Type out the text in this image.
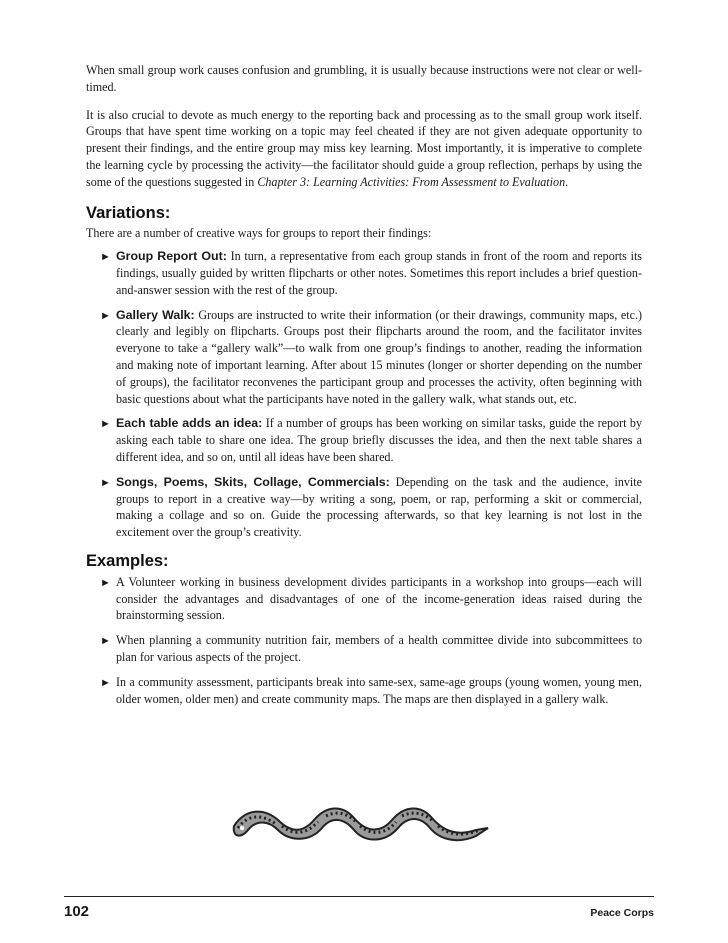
When small group work causes confusion and grumbling, it is usually because instructions were not clear or well-timed.

It is also crucial to devote as much energy to the reporting back and processing as to the small group work itself. Groups that have spent time working on a topic may feel cheated if they are not given adequate opportunity to present their findings, and the entire group may miss key learning. Most importantly, it is imperative to complete the learning cycle by processing the activity—the facilitator should guide a group reflection, perhaps by using the some of the questions suggested in Chapter 3: Learning Activities: From Assessment to Evaluation.

Variations:

There are a number of creative ways for groups to report their findings:

► Group Report Out: In turn, a representative from each group stands in front of the room and reports its findings, usually guided by written flipcharts or other notes. Sometimes this report includes a brief question-and-answer session with the rest of the group.
► Gallery Walk: Groups are instructed to write their information (or their drawings, community maps, etc.) clearly and legibly on flipcharts. Groups post their flipcharts around the room, and the facilitator invites everyone to take a “gallery walk”—to walk from one group’s findings to another, reading the information and making note of important learning. After about 15 minutes (longer or shorter depending on the number of groups), the facilitator reconvenes the participant group and processes the activity, often beginning with basic questions about what the participants have noted in the gallery walk, what stands out, etc.
► Each table adds an idea: If a number of groups has been working on similar tasks, guide the report by asking each table to share one idea. The group briefly discusses the idea, and then the next table shares a different idea, and so on, until all ideas have been shared.
► Songs, Poems, Skits, Collage, Commercials: Depending on the task and the audience, invite groups to report in a creative way—by writing a song, poem, or rap, performing a skit or commercial, making a collage and so on. Guide the processing afterwards, so that key learning is not lost in the excitement over the group’s creativity.
Examples:
► A Volunteer working in business development divides participants in a workshop into groups—each will consider the advantages and disadvantages of one of the income-generation ideas raised during the brainstorming session.
► When planning a community nutrition fair, members of a health committee divide into subcommittees to plan for various aspects of the project.
► In a community assessment, participants break into same-sex, same-age groups (young women, young men, older women, older men) and create community maps. The maps are then displayed in a gallery walk.
102	Peace Corps
